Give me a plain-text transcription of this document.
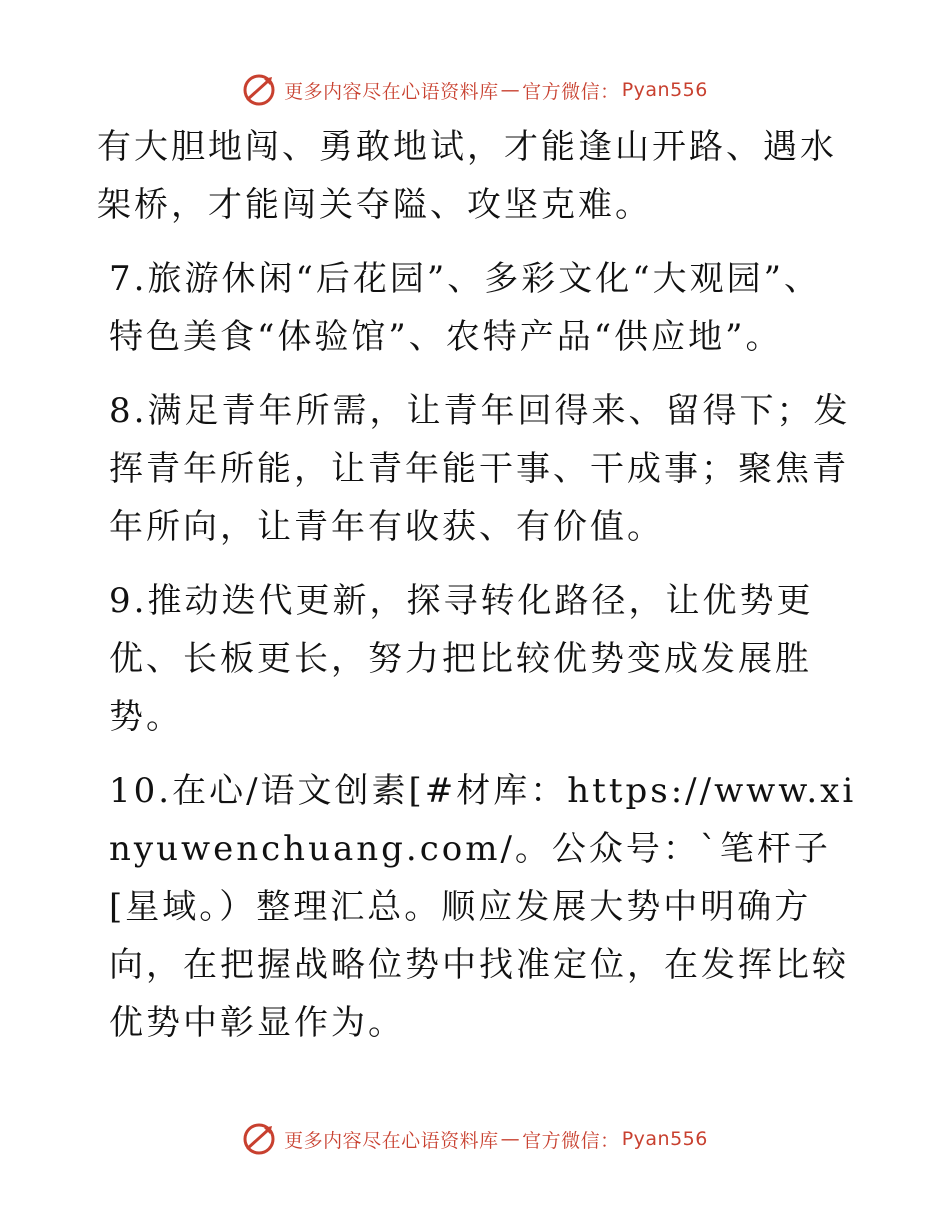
更多内容尽在心语资料库 — 官方微信： Pyan556

有大胆地闯、勇敢地试，才能逢山开路、遇水架桥，才能闯关夺隘、攻坚克难。

7.旅游休闲“后花园”、多彩文化“大观园”、特色美食“体验馆”、农特产品“供应地”。

8.满足青年所需，让青年回得来、留得下；发挥青年所能，让青年能干事、干成事；聚焦青年所向，让青年有收获、有价值。

9.推动迭代更新，探寻转化路径，让优势更优、长板更长，努力把比较优势变成发展胜势。

10.在心/语文创素[#材库：https://www.xinyuwenchuang.com/。公众号：`笔杆子[星域。）整理汇总。顺应发展大势中明确方向，在把握战略位势中找准定位，在发挥比较优势中彰显作为。

更多内容尽在心语资料库 — 官方微信： Pyan556
